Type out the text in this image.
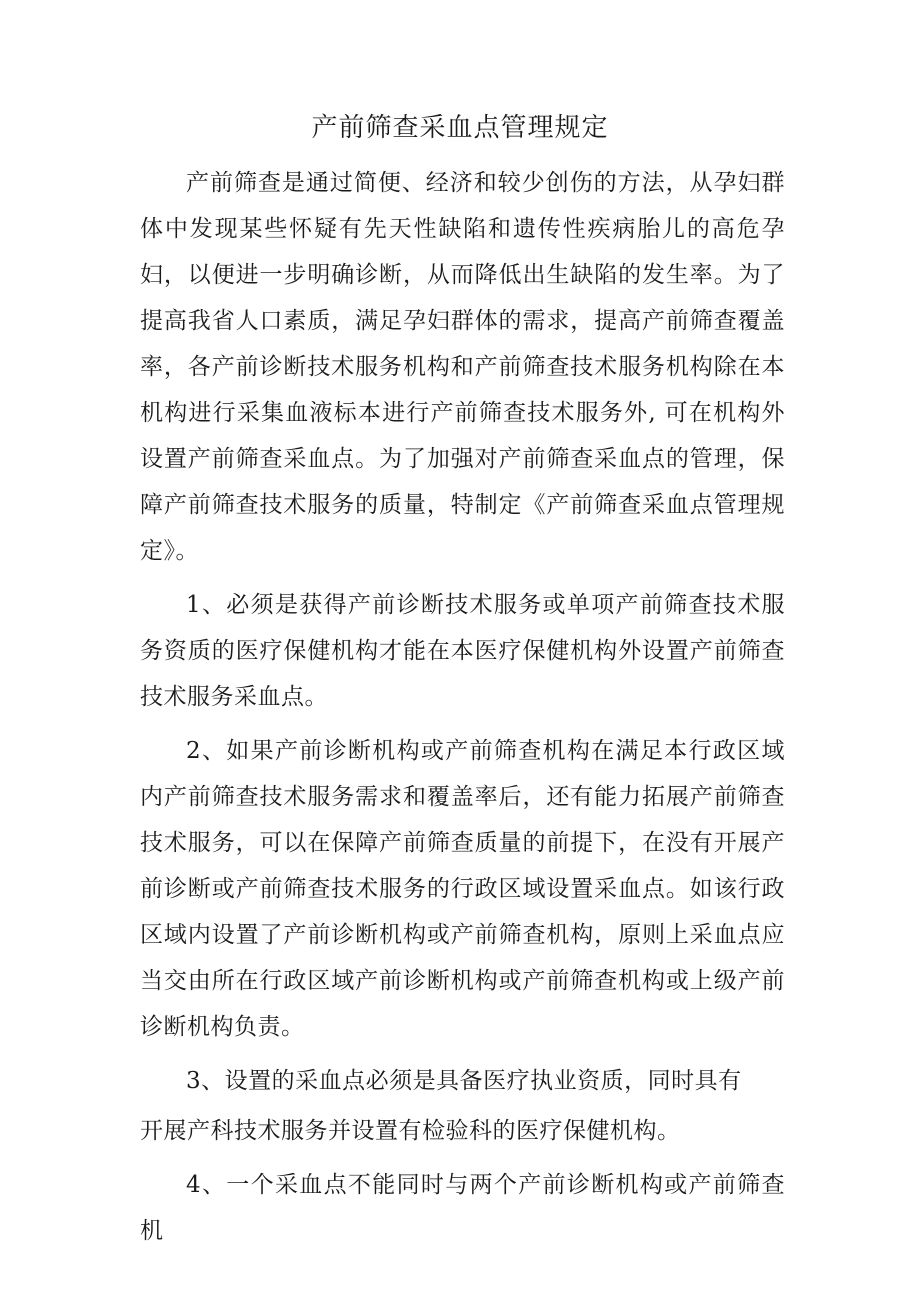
产前筛查采血点管理规定

产前筛查是通过简便、经济和较少创伤的方法，从孕妇群体中发现某些怀疑有先天性缺陷和遗传性疾病胎儿的高危孕妇，以便进一步明确诊断，从而降低出生缺陷的发生率。为了提高我省人口素质，满足孕妇群体的需求，提高产前筛查覆盖率，各产前诊断技术服务机构和产前筛查技术服务机构除在本机构进行采集血液标本进行产前筛查技术服务外, 可在机构外设置产前筛查采血点。为了加强对产前筛查采血点的管理，保障产前筛查技术服务的质量，特制定《产前筛查采血点管理规定》。

1、必须是获得产前诊断技术服务或单项产前筛查技术服务资质的医疗保健机构才能在本医疗保健机构外设置产前筛查技术服务采血点。

2、如果产前诊断机构或产前筛查机构在满足本行政区域内产前筛查技术服务需求和覆盖率后，还有能力拓展产前筛查技术服务，可以在保障产前筛查质量的前提下，在没有开展产前诊断或产前筛查技术服务的行政区域设置采血点。如该行政区域内设置了产前诊断机构或产前筛查机构，原则上采血点应当交由所在行政区域产前诊断机构或产前筛查机构或上级产前诊断机构负责。

3、设置的采血点必须是具备医疗执业资质，同时具有

开展产科技术服务并设置有检验科的医疗保健机构。

4、一个采血点不能同时与两个产前诊断机构或产前筛查机
